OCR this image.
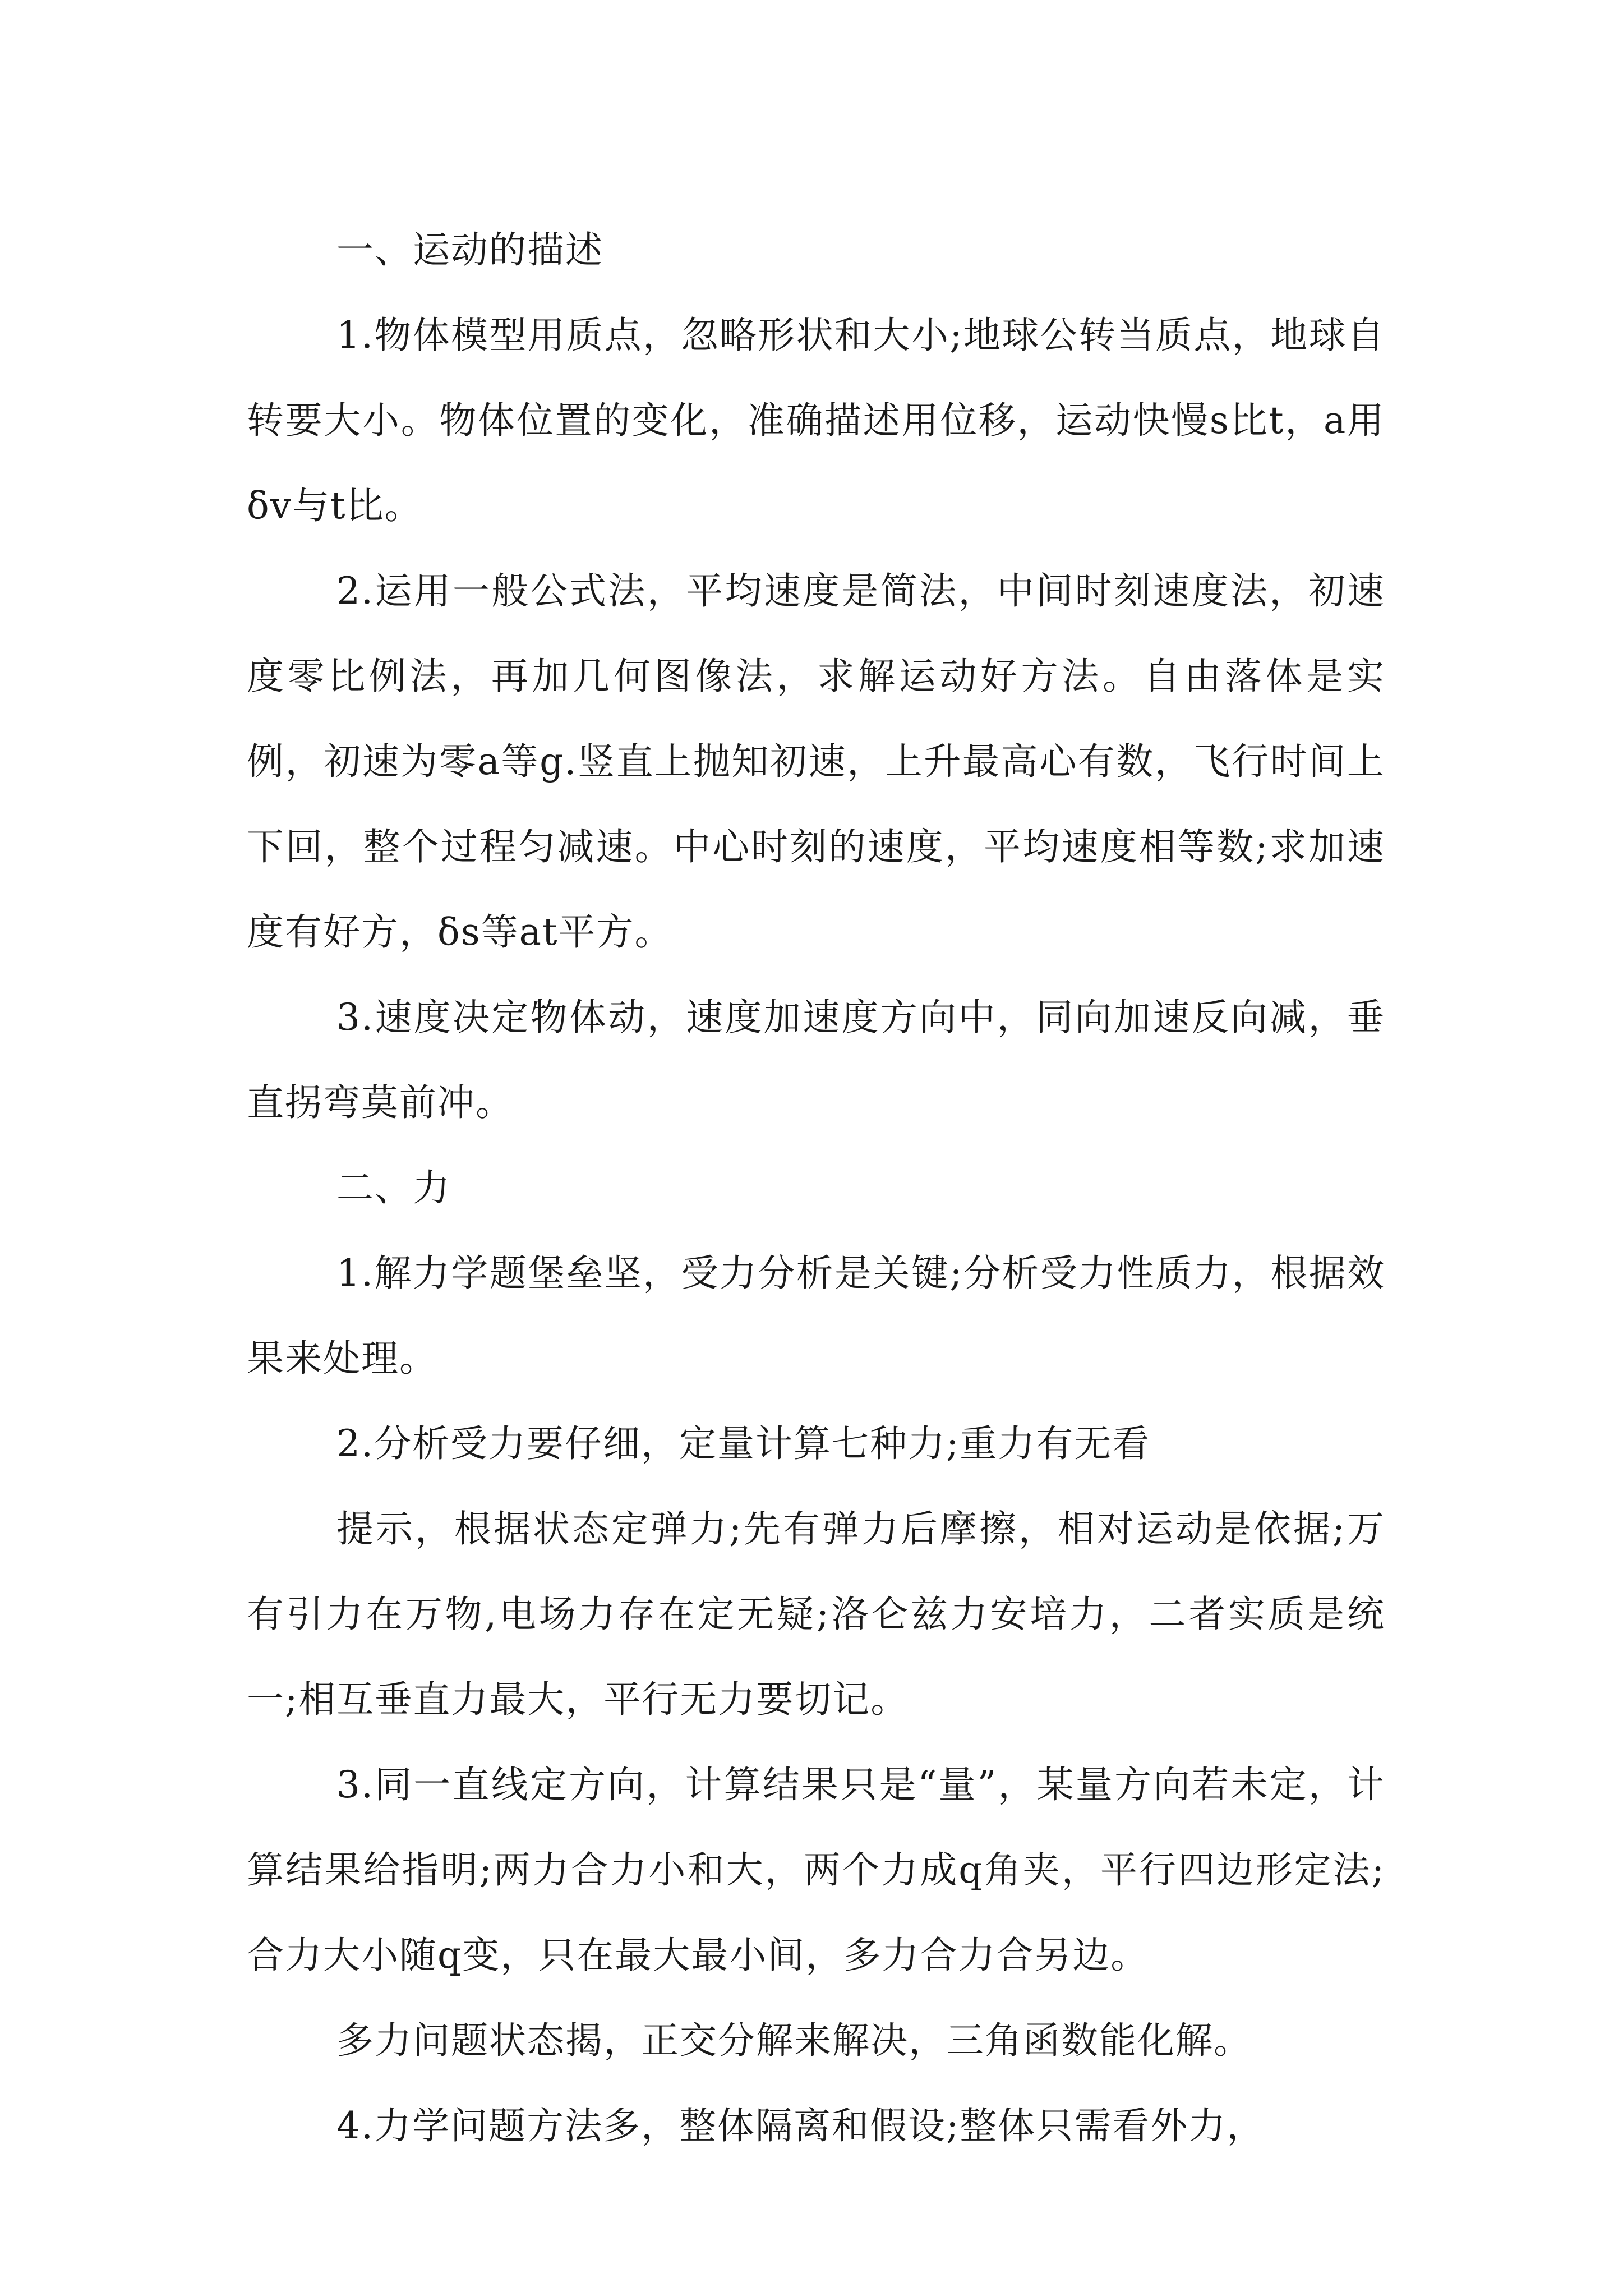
一、运动的描述

1.物体模型用质点，忽略形状和大小;地球公转当质点，地球自转要大小。物体位置的变化，准确描述用位移，运动快慢s比t，a用δv与t比。

2.运用一般公式法，平均速度是简法，中间时刻速度法，初速度零比例法，再加几何图像法，求解运动好方法。自由落体是实例，初速为零a等g.竖直上抛知初速，上升最高心有数，飞行时间上下回，整个过程匀减速。中心时刻的速度，平均速度相等数;求加速度有好方，δs等at平方。

3.速度决定物体动，速度加速度方向中，同向加速反向减，垂直拐弯莫前冲。

二、力

1.解力学题堡垒坚，受力分析是关键;分析受力性质力，根据效果来处理。

2.分析受力要仔细，定量计算七种力;重力有无看

提示，根据状态定弹力;先有弹力后摩擦，相对运动是依据;万有引力在万物,电场力存在定无疑;洛仑兹力安培力，二者实质是统一;相互垂直力最大，平行无力要切记。

3.同一直线定方向，计算结果只是“量”，某量方向若未定，计算结果给指明;两力合力小和大，两个力成q角夹，平行四边形定法;合力大小随q变，只在最大最小间，多力合力合另边。

多力问题状态揭，正交分解来解决，三角函数能化解。

4.力学问题方法多，整体隔离和假设;整体只需看外力，
